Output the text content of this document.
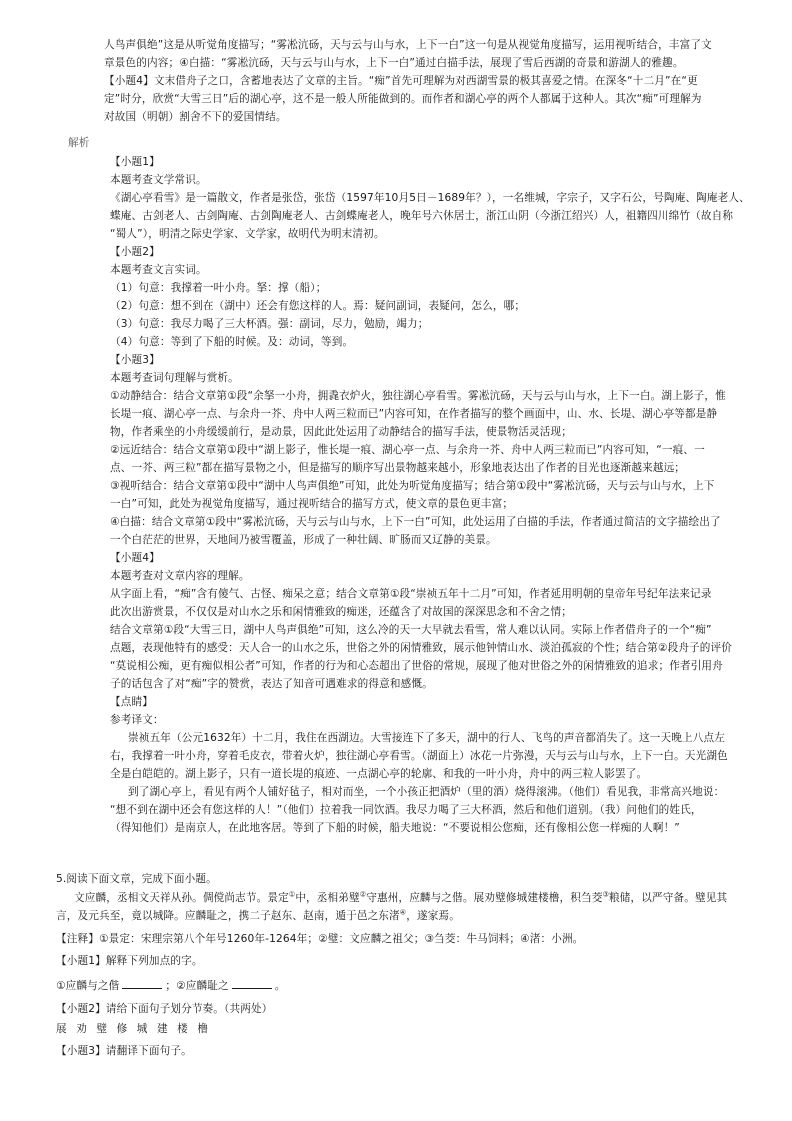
人鸟声俱绝”这是从听觉角度描写；“雾凇沆砀，天与云与山与水，上下一白”这一句是从视觉角度描写，运用视听结合，丰富了文
章景色的内容；④白描：“雾凇沆砀，天与云与山与水，上下一白”通过白描手法，展现了雪后西湖的奇景和游湖人的雅趣。
【小题4】文末借舟子之口，含蓄地表达了文章的主旨。“痴”首先可理解为对西湖雪景的极其喜爱之情。在深冬“十二月”在“更
定”时分，欣赏“大雪三日”后的湖心亭，这不是一般人所能做到的。而作者和湖心亭的两个人都属于这种人。其次“痴”可理解为
对故国（明朝）割舍不下的爱国情结。
解析
【小题1】
本题考查文学常识。
《湖心亭看雪》是一篇散文，作者是张岱，张岱（1597年10月5日－1689年？），一名维城，字宗子，又字石公，号陶庵、陶庵老人、
蝶庵、古剑老人、古剑陶庵、古剑陶庵老人、古剑蝶庵老人，晚年号六休居士，浙江山阴（今浙江绍兴）人，祖籍四川绵竹（故自称
“蜀人”），明清之际史学家、文学家，故明代为明末清初。
【小题2】
本题考查文言实词。
（1）句意：我撑着一叶小舟。拏：撑（船）；
（2）句意：想不到在（湖中）还会有您这样的人。焉：疑问副词，表疑问，怎么，哪；
（3）句意：我尽力喝了三大杯酒。强：副词，尽力，勉励，竭力；
（4）句意：等到了下船的时候。及：动词，等到。
【小题3】
本题考查词句理解与赏析。
①动静结合：结合文章第①段“余拏一小舟，拥毳衣炉火，独往湖心亭看雪。雾凇沆砀，天与云与山与水，上下一白。湖上影子，惟
长堤一痕、湖心亭一点、与余舟一芥、舟中人两三粒而已”内容可知，在作者描写的整个画面中，山、水、长堤、湖心亭等都是静
物，作者乘坐的小舟缓缓前行，是动景，因此此处运用了动静结合的描写手法，使景物活灵活现；
②远近结合：结合文章第①段中“湖上影子，惟长堤一痕、湖心亭一点、与余舟一芥、舟中人两三粒而已”内容可知，“一痕、一
点、一芥、两三粒”都在描写景物之小，但是描写的顺序写出景物越来越小，形象地表达出了作者的目光也逐渐越来越远；
③视听结合：结合文章第①段中“湖中人鸟声俱绝”可知，此处为听觉角度描写；结合第①段中“雾凇沆砀，天与云与山与水，上下
一白”可知，此处为视觉角度描写，通过视听结合的描写方式，使文章的景色更丰富；
④白描：结合文章第①段中“雾凇沆砀，天与云与山与水，上下一白”可知，此处运用了白描的手法，作者通过简洁的文字描绘出了
一个白茫茫的世界，天地间乃被雪覆盖，形成了一种壮阔、旷肠而又辽静的美景。
【小题4】
本题考查对文章内容的理解。
从字面上看，“痴”含有傻气、古怪、痴呆之意；结合文章第①段“崇祯五年十二月”可知，作者延用明朝的皇帝年号纪年法来记录
此次出游赏景，不仅仅是对山水之乐和闲情雅致的痴迷，还蕴含了对故国的深深思念和不舍之情；
结合文章第①段“大雪三日，湖中人鸟声俱绝”可知，这么冷的天一大早就去看雪，常人难以认同。实际上作者借舟子的一个“痴”
点题，表现他特有的感受：天人合一的山水之乐，世俗之外的闲情雅致，展示他钟情山水、淡泊孤寂的个性；结合第②段舟子的评价
“莫说相公痴，更有痴似相公者”可知，作者的行为和心态超出了世俗的常规，展现了他对世俗之外的闲情雅致的追求；作者引用舟
子的话包含了对“痴”字的赞赏，表达了知音可遇难求的得意和感慨。
【点睛】
参考译文：
崇祯五年（公元1632年）十二月，我住在西湖边。大雪接连下了多天，湖中的行人、飞鸟的声音都消失了。这一天晚上八点左
右，我撑着一叶小舟，穿着毛皮衣，带着火炉，独往湖心亭看雪。（湖面上）冰花一片弥漫，天与云与山与水，上下一白。天光湖色
全是白皑皑的。湖上影子，只有一道长堤的痕迹、一点湖心亭的轮廓、和我的一叶小舟，舟中的两三粒人影罢了。
到了湖心亭上，看见有两个人铺好毡子，相对而坐，一个小孩正把酒炉（里的酒）烧得滚沸。（他们）看见我，非常高兴地说：
“想不到在湖中还会有您这样的人！”（他们）拉着我一同饮酒。我尽力喝了三大杯酒，然后和他们道别。（我）问他们的姓氏，
（得知他们）是南京人，在此地客居。等到了下船的时候，船夫地说：“不要说相公您痴，还有像相公您一样痴的人啊！”
5.阅读下面文章，完成下面小题。
文应麟，丞相文天祥从孙。倜傥尚志节。景定①中，丞相弟璧②守惠州，应麟与之偕。展劝璧修城建楼橹，积刍茭③粮储，以严守备。璧见其
言，及元兵至，竟以城降。应麟耻之，携二子赵东、赵南，遁于邑之东渚④，遂家焉。
【注释】①景定：宋理宗第八个年号1260年-1264年；②璧：文应麟之祖父；③刍茭：牛马饲料；④渚：小洲。
【小题1】解释下列加点的字。
①应麟与之偕	；②应麟耻之	。
【小题2】请给下面句子划分节奏。（共两处）
展劝璧修城建楼橹
【小题3】请翻译下面句子。
